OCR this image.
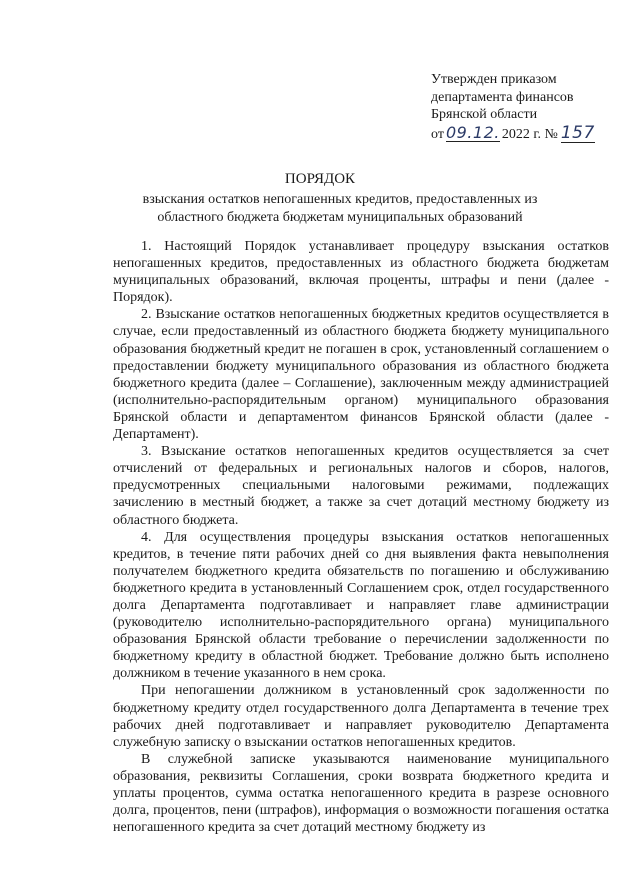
Утвержден приказом
департамента финансов
Брянской области
от 09.12. 2022 г. № 157
ПОРЯДОК
взыскания остатков непогашенных кредитов, предоставленных из областного бюджета бюджетам муниципальных образований

1. Настоящий Порядок устанавливает процедуру взыскания остатков непогашенных кредитов, предоставленных из областного бюджета бюджетам муниципальных образований, включая проценты, штрафы и пени (далее - Порядок).

2. Взыскание остатков непогашенных бюджетных кредитов осуществляется в случае, если предоставленный из областного бюджета бюджету муниципального образования бюджетный кредит не погашен в срок, установленный соглашением о предоставлении бюджету муниципального образования из областного бюджета бюджетного кредита (далее – Соглашение), заключенным между администрацией (исполнительно-распорядительным органом) муниципального образования Брянской области и департаментом финансов Брянской области (далее - Департамент).

3. Взыскание остатков непогашенных кредитов осуществляется за счет отчислений от федеральных и региональных налогов и сборов, налогов, предусмотренных специальными налоговыми режимами, подлежащих зачислению в местный бюджет, а также за счет дотаций местному бюджету из областного бюджета.

4. Для осуществления процедуры взыскания остатков непогашенных кредитов, в течение пяти рабочих дней со дня выявления факта невыполнения получателем бюджетного кредита обязательств по погашению и обслуживанию бюджетного кредита в установленный Соглашением срок, отдел государственного долга Департамента подготавливает и направляет главе администрации (руководителю исполнительно-распорядительного органа) муниципального образования Брянской области требование о перечислении задолженности по бюджетному кредиту в областной бюджет. Требование должно быть исполнено должником в течение указанного в нем срока.

При непогашении должником в установленный срок задолженности по бюджетному кредиту отдел государственного долга Департамента в течение трех рабочих дней подготавливает и направляет руководителю Департамента служебную записку о взыскании остатков непогашенных кредитов.

В служебной записке указываются наименование муниципального образования, реквизиты Соглашения, сроки возврата бюджетного кредита и уплаты процентов, сумма остатка непогашенного кредита в разрезе основного долга, процентов, пени (штрафов), информация о возможности погашения остатка непогашенного кредита за счет дотаций местному бюджету из
